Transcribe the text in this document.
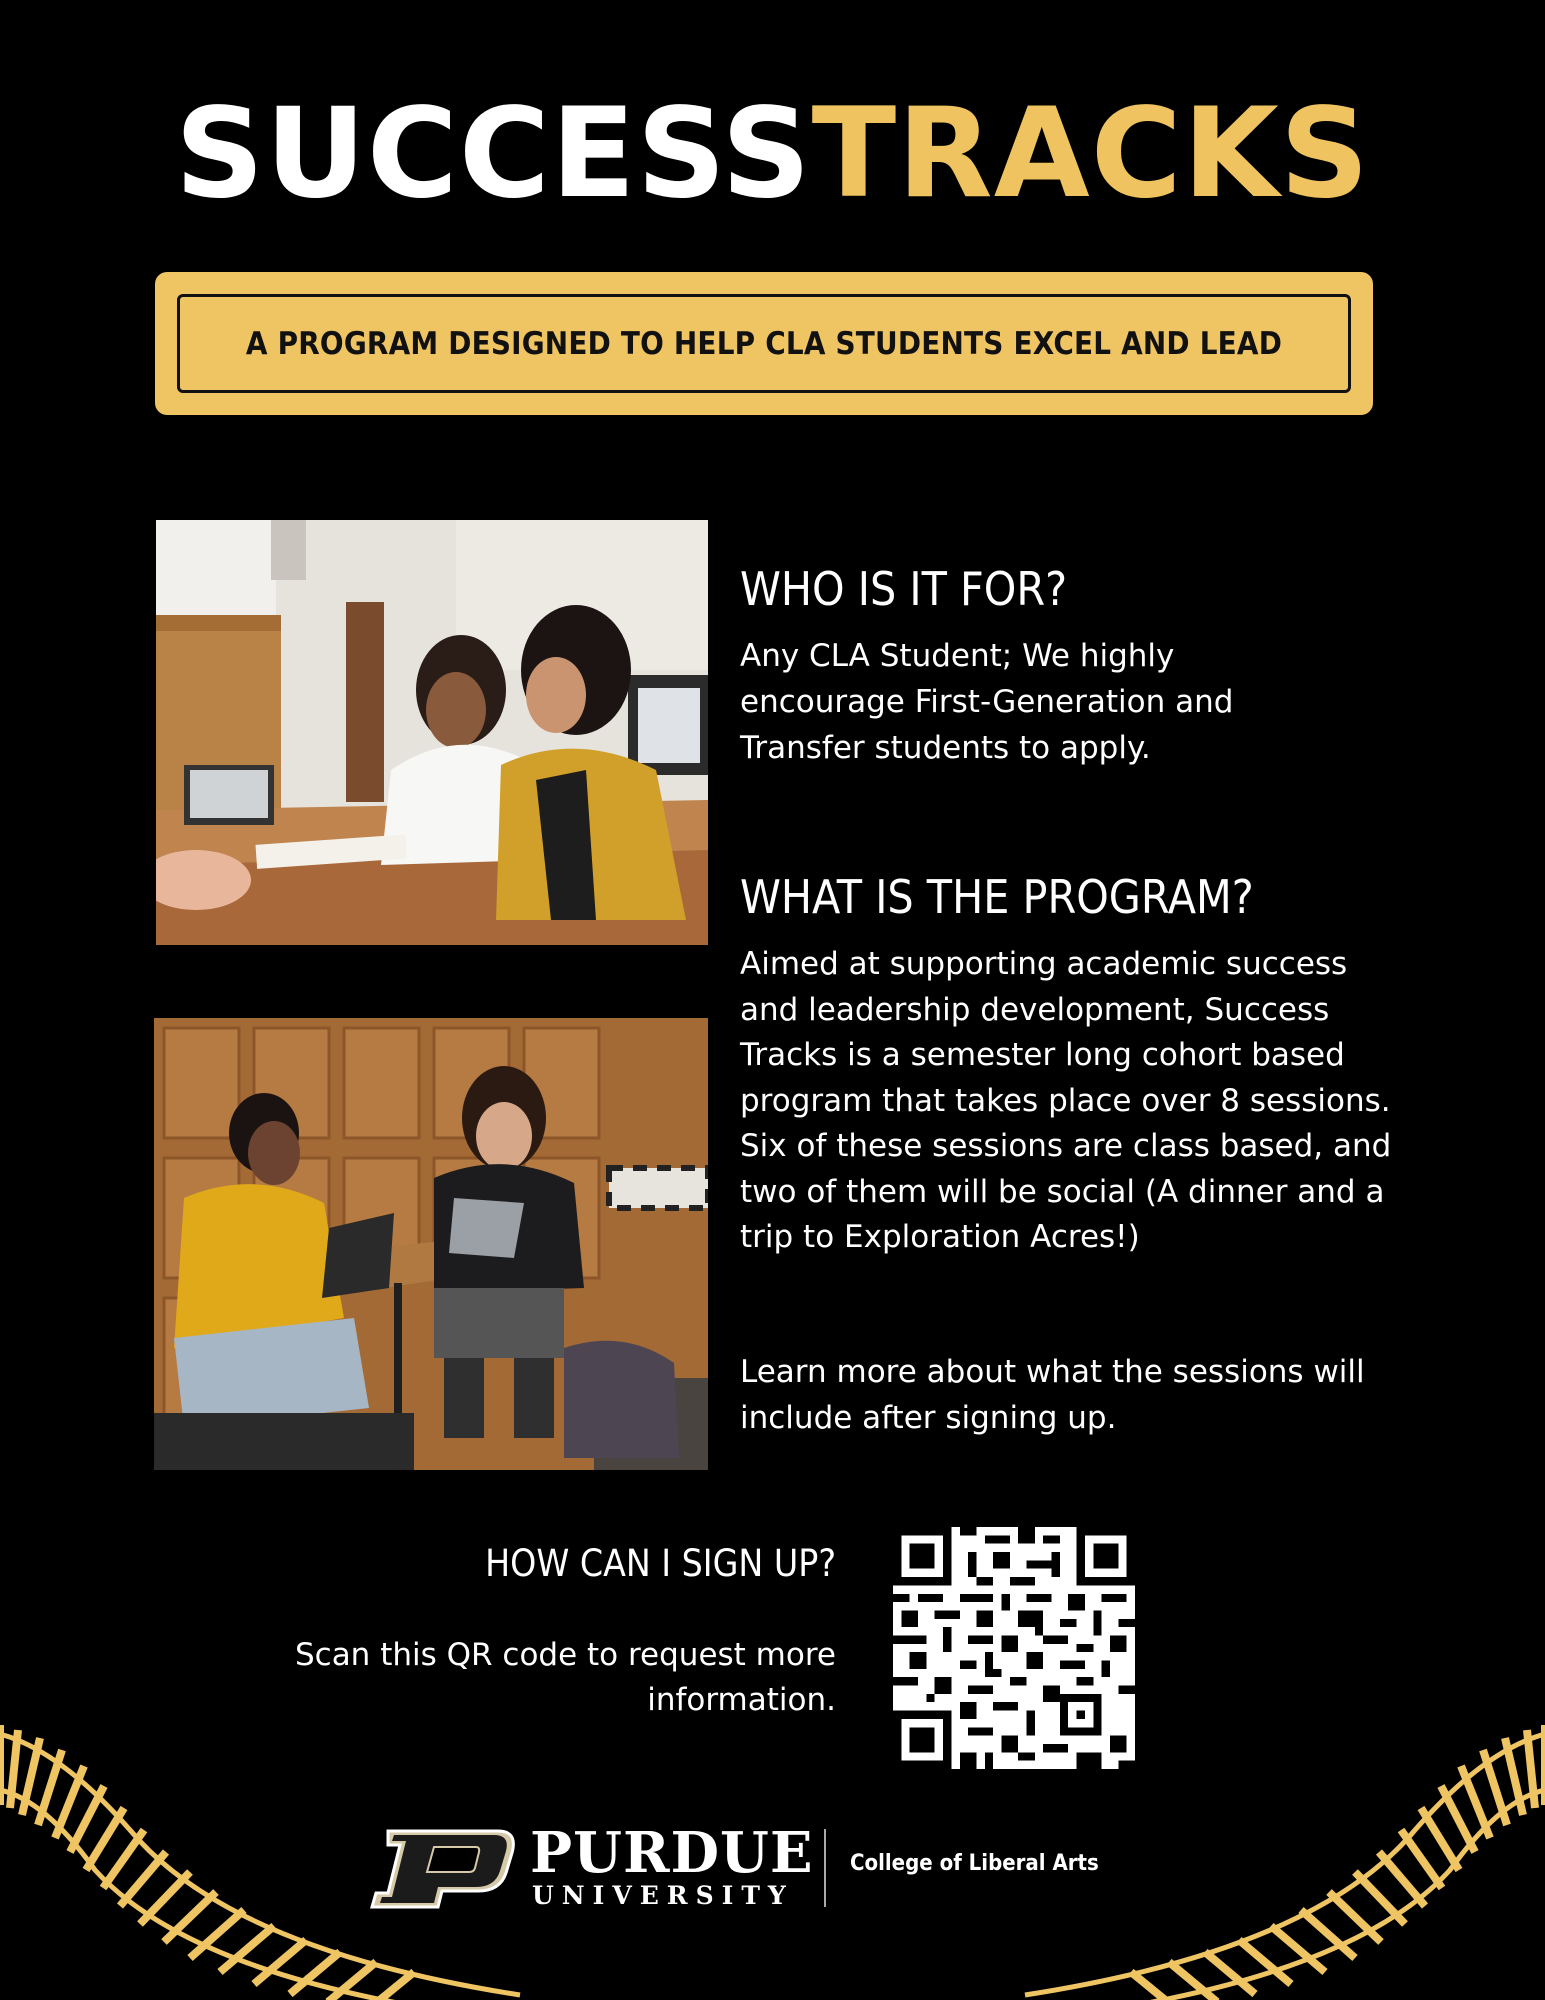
SUCCESSTRACKS
A PROGRAM DESIGNED TO HELP CLA STUDENTS EXCEL AND LEAD
WHO IS IT FOR?
Any CLA Student; We highly encourage First-Generation and Transfer students to apply.
WHAT IS THE PROGRAM?
Aimed at supporting academic success and leadership development, Success Tracks is a semester long cohort based program that takes place over 8 sessions. Six of these sessions are class based, and two of them will be social (A dinner and a trip to Exploration Acres!)
Learn more about what the sessions will include after signing up.
HOW CAN I SIGN UP?
Scan this QR code to request more information.
PURDUE
UNIVERSITY
College of Liberal Arts
